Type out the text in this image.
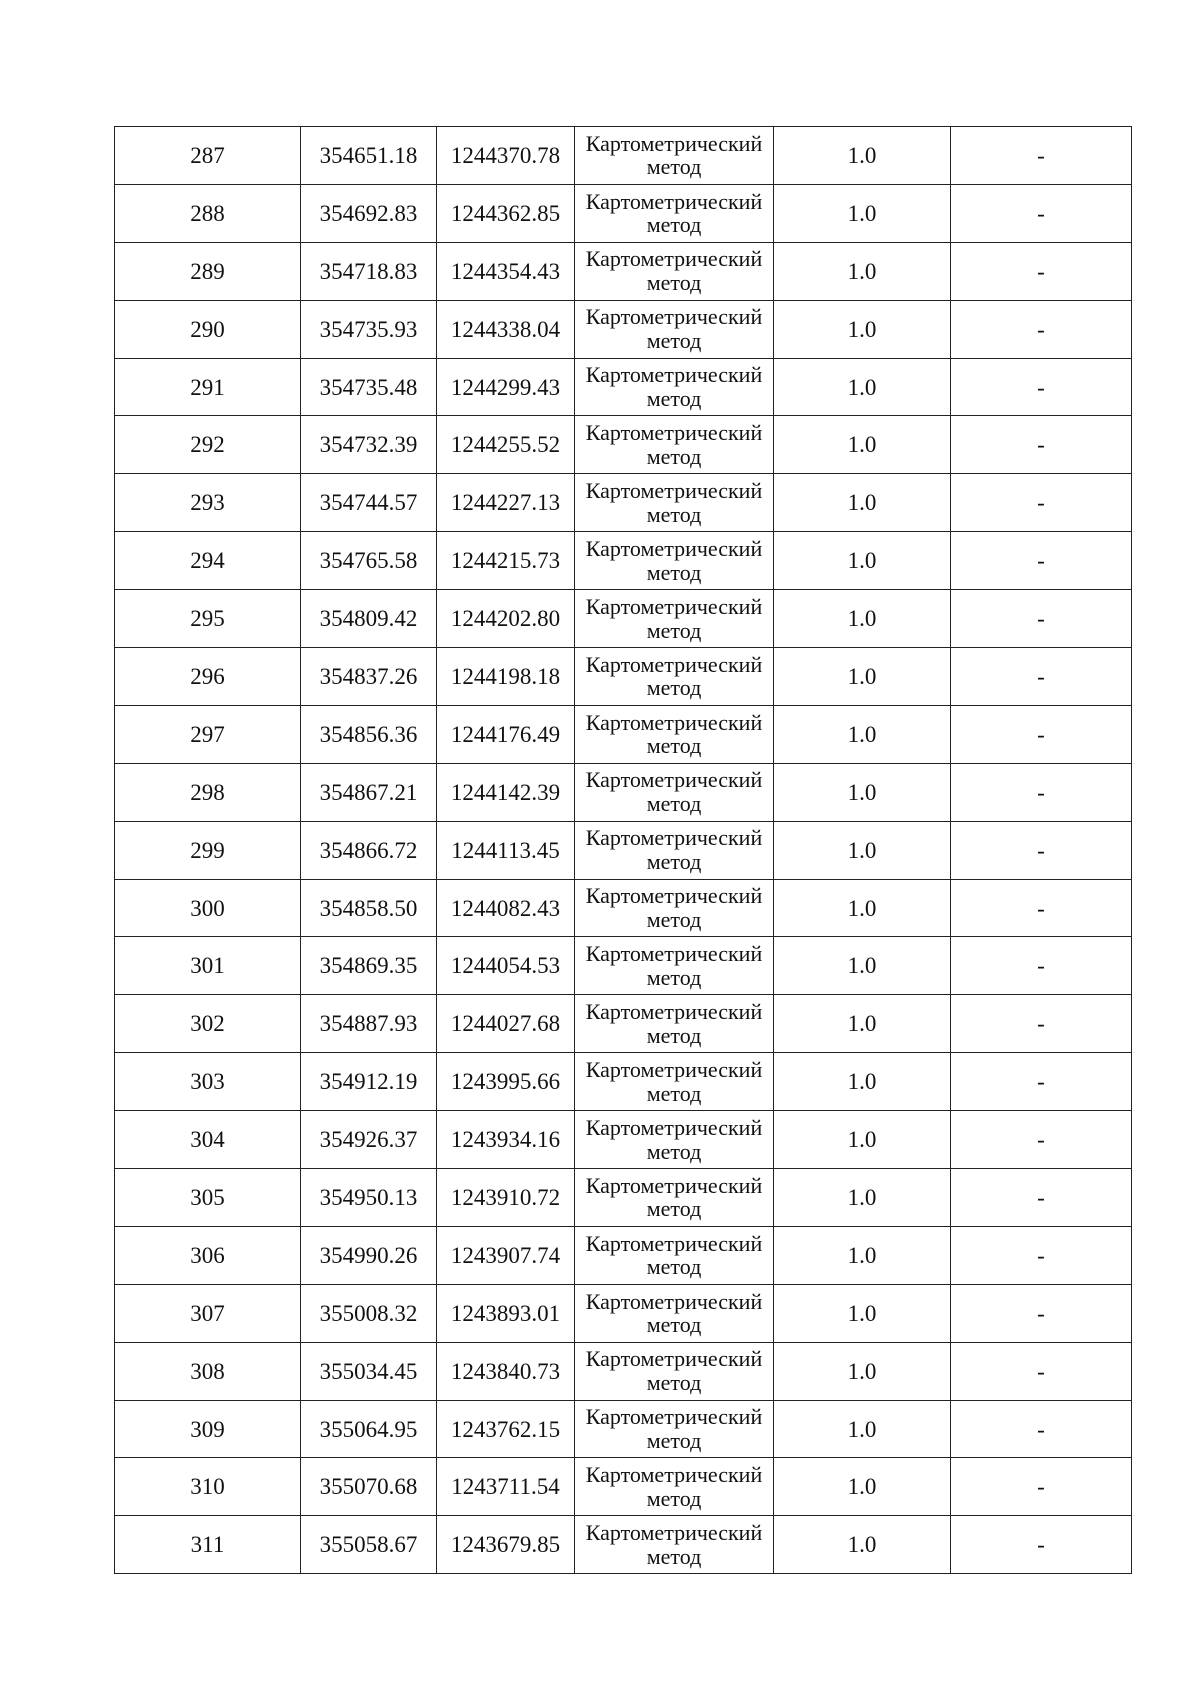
287	354651.18	1244370.78	Картометрический метод	1.0	-
288	354692.83	1244362.85	Картометрический метод	1.0	-
289	354718.83	1244354.43	Картометрический метод	1.0	-
290	354735.93	1244338.04	Картометрический метод	1.0	-
291	354735.48	1244299.43	Картометрический метод	1.0	-
292	354732.39	1244255.52	Картометрический метод	1.0	-
293	354744.57	1244227.13	Картометрический метод	1.0	-
294	354765.58	1244215.73	Картометрический метод	1.0	-
295	354809.42	1244202.80	Картометрический метод	1.0	-
296	354837.26	1244198.18	Картометрический метод	1.0	-
297	354856.36	1244176.49	Картометрический метод	1.0	-
298	354867.21	1244142.39	Картометрический метод	1.0	-
299	354866.72	1244113.45	Картометрический метод	1.0	-
300	354858.50	1244082.43	Картометрический метод	1.0	-
301	354869.35	1244054.53	Картометрический метод	1.0	-
302	354887.93	1244027.68	Картометрический метод	1.0	-
303	354912.19	1243995.66	Картометрический метод	1.0	-
304	354926.37	1243934.16	Картометрический метод	1.0	-
305	354950.13	1243910.72	Картометрический метод	1.0	-
306	354990.26	1243907.74	Картометрический метод	1.0	-
307	355008.32	1243893.01	Картометрический метод	1.0	-
308	355034.45	1243840.73	Картометрический метод	1.0	-
309	355064.95	1243762.15	Картометрический метод	1.0	-
310	355070.68	1243711.54	Картометрический метод	1.0	-
311	355058.67	1243679.85	Картометрический метод	1.0	-
